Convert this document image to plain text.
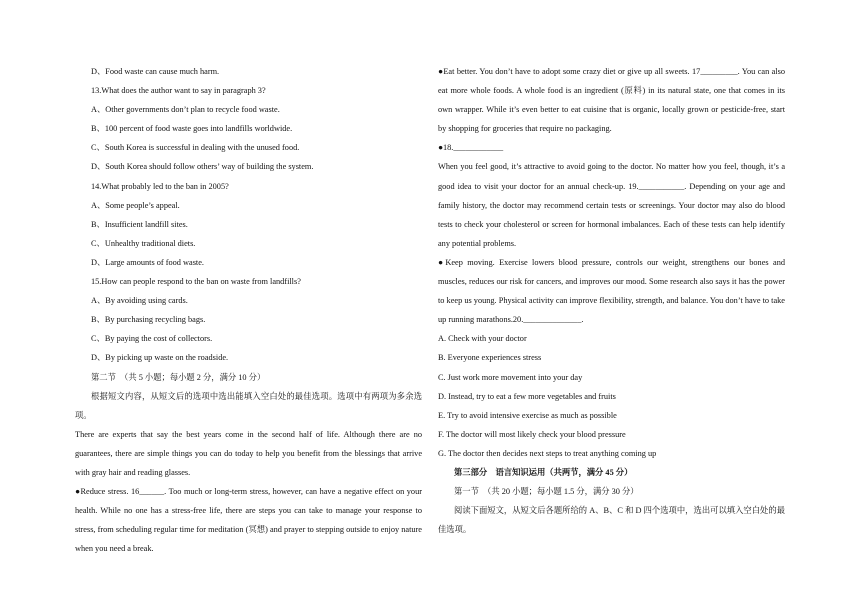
D、Food waste can cause much harm.
13.What does the author want to say in paragraph 3?
A、Other governments don’t plan to recycle food waste.
B、100 percent of food waste goes into landfills worldwide.
C、South Korea is successful in dealing with the unused food.
D、South Korea should follow others’ way of building the system.
14.What probably led to the ban in 2005?
A、Some people’s appeal.
B、Insufficient landfill sites.
C、Unhealthy traditional diets.
D、Large amounts of food waste.
15.How can people respond to the ban on waste from landfills?
A、By avoiding using cards.
B、By purchasing recycling bags.
C、By paying the cost of collectors.
D、By picking up waste on the roadside.
第二节　（共 5 小题；每小题 2 分，满分 10 分）
根据短文内容，从短文后的选项中选出能填入空白处的最佳选项。选项中有两项为多余选项。
There are experts that say the best years come in the second half of life. Although there are no guarantees, there are simple things you can do today to help you benefit from the blessings that arrive with gray hair and reading glasses.
●Reduce stress. 16______. Too much or long-term stress, however, can have a negative effect on your health. While no one has a stress-free life, there are steps you can take to manage your response to stress, from scheduling regular time for meditation (冥想) and prayer to stepping outside to enjoy nature when you need a break.
●Eat better. You don’t have to adopt some crazy diet or give up all sweets. 17_________. You can also eat more whole foods. A whole food is an ingredient (原料) in its natural state, one that comes in its own wrapper. While it’s even better to eat cuisine that is organic, locally grown or pesticide-free, start by shopping for groceries that require no packaging.
●18.____________
When you feel good, it’s attractive to avoid going to the doctor. No matter how you feel, though, it’s a good idea to visit your doctor for an annual check-up. 19.___________. Depending on your age and family history, the doctor may recommend certain tests or screenings. Your doctor may also do blood tests to check your cholesterol or screen for hormonal imbalances. Each of these tests can help identify any potential problems.
●Keep moving. Exercise lowers blood pressure, controls our weight, strengthens our bones and muscles, reduces our risk for cancers, and improves our mood. Some research also says it has the power to keep us young. Physical activity can improve flexibility, strength, and balance. You don’t have to take up running marathons.20.______________.
A. Check with your doctor
B. Everyone experiences stress
C. Just work more movement into your day
D. Instead, try to eat a few more vegetables and fruits
E. Try to avoid intensive exercise as much as possible
F. The doctor will most likely check your blood pressure
G. The doctor then decides next steps to treat anything coming up
第三部分　语言知识运用（共两节，满分 45 分）
第一节　（共 20 小题；每小题 1.5 分，满分 30 分）
阅读下面短文，从短文后各题所给的 A、B、C 和 D 四个选项中，选出可以填入空白处的最佳选项。
